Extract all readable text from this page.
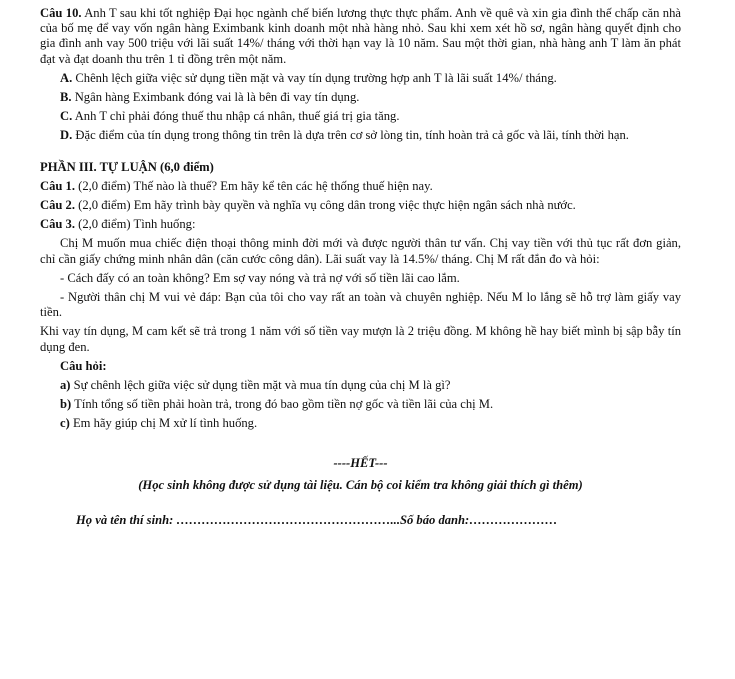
Câu 10. Anh T sau khi tốt nghiệp Đại học ngành chế biến lương thực thực phẩm. Anh về quê và xin gia đình thế chấp căn nhà của bố mẹ để vay vốn ngân hàng Eximbank kinh doanh một nhà hàng nhỏ. Sau khi xem xét hồ sơ, ngân hàng quyết định cho gia đình anh vay 500 triệu với lãi suất 14%/ tháng với thời hạn vay là 10 năm. Sau một thời gian, nhà hàng anh T làm ăn phát đạt và đạt doanh thu trên 1 tỉ đồng trên một năm.

A. Chênh lệch giữa việc sử dụng tiền mặt và vay tín dụng trường hợp anh T là lãi suất 14%/ tháng.

B. Ngân hàng Eximbank đóng vai là là bên đi vay tín dụng.

C. Anh T chỉ phải đóng thuế thu nhập cá nhân, thuế giá trị gia tăng.

D. Đặc điểm của tín dụng trong thông tin trên là dựa trên cơ sở lòng tin, tính hoàn trả cả gốc và lãi, tính thời hạn.

PHẦN III. TỰ LUẬN (6,0 điểm)

Câu 1. (2,0 điểm) Thế nào là thuế? Em hãy kể tên các hệ thống thuế hiện nay.

Câu 2. (2,0 điểm) Em hãy trình bày quyền và nghĩa vụ công dân trong việc thực hiện ngân sách nhà nước.

Câu 3. (2,0 điểm) Tình huống:

Chị M muốn mua chiếc điện thoại thông minh đời mới và được người thân tư vấn. Chị vay tiền với thủ tục rất đơn giản, chỉ cần giấy chứng minh nhân dân (căn cước công dân). Lãi suất vay là 14.5%/ tháng. Chị M rất đắn đo và hỏi:

- Cách đấy có an toàn không? Em sợ vay nóng và trả nợ với số tiền lãi cao lắm.

- Người thân chị M vui vẻ đáp: Bạn của tôi cho vay rất an toàn và chuyên nghiệp. Nếu M lo lắng sẽ hỗ trợ làm giấy vay tiền.

Khi vay tín dụng, M cam kết sẽ trả trong 1 năm với số tiền vay mượn là 2 triệu đồng. M không hề hay biết mình bị sập bẫy tín dụng đen.

Câu hỏi:

a) Sự chênh lệch giữa việc sử dụng tiền mặt và mua tín dụng của chị M là gì?

b) Tính tổng số tiền phải hoàn trả, trong đó bao gồm tiền nợ gốc và tiền lãi của chị M.

c) Em hãy giúp chị M xử lí tình huống.

----HẾT---

(Học sinh không được sử dụng tài liệu. Cán bộ coi kiểm tra không giải thích gì thêm)

Họ và tên thí sinh: ……………………………………………...Số báo danh:…………………
